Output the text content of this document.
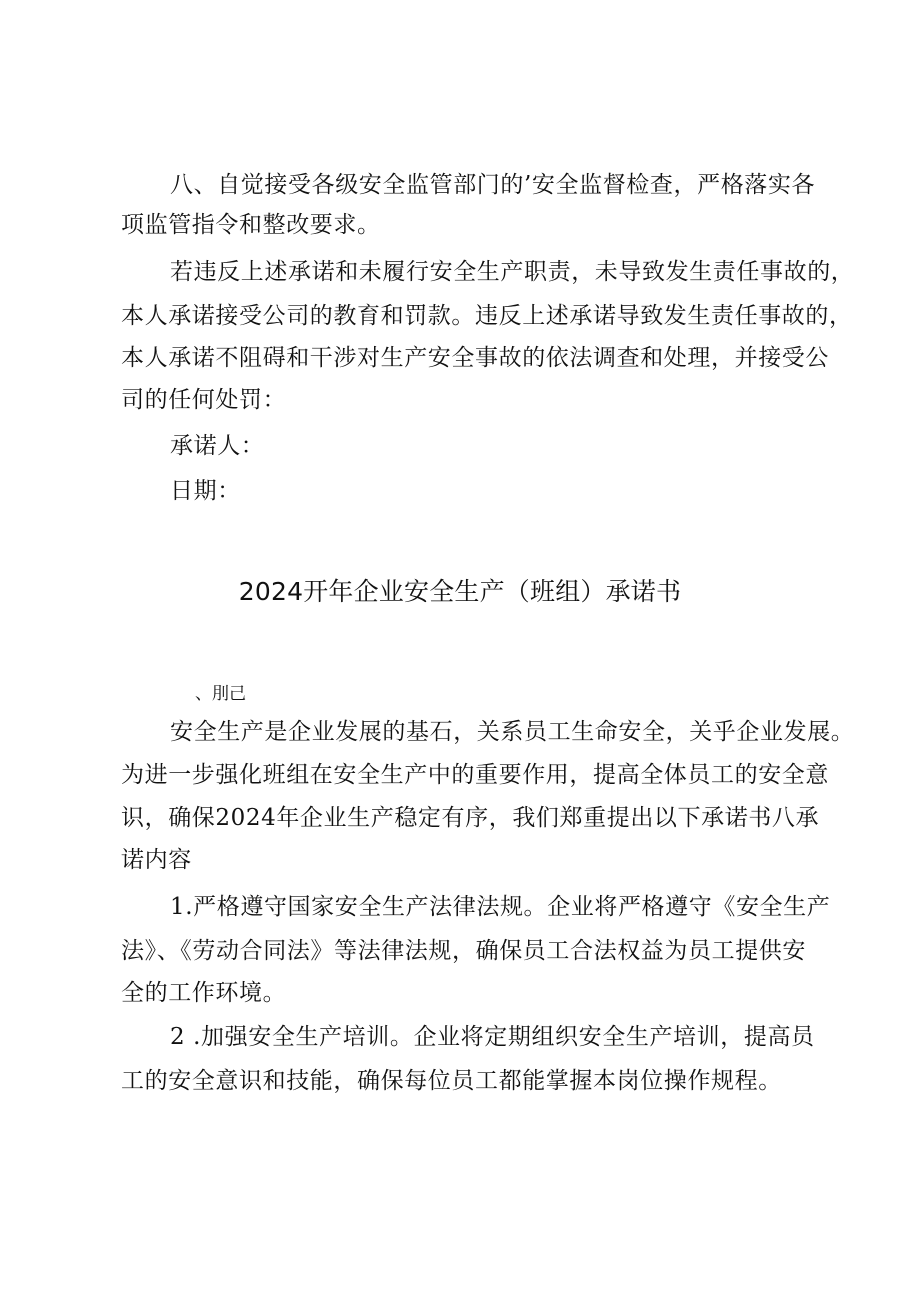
八、自觉接受各级安全监管部门的’安全监督检查，严格落实各

项监管指令和整改要求。

若违反上述承诺和未履行安全生产职责，未导致发生责任事故的，

本人承诺接受公司的教育和罚款。违反上述承诺导致发生责任事故的，

本人承诺不阻碍和干涉对生产安全事故的依法调查和处理，并接受公

司的任何处罚：

承诺人：

日期：

2024开年企业安全生产（班组）承诺书
、刖己

安全生产是企业发展的基石，关系员工生命安全，关乎企业发展。

为进一步强化班组在安全生产中的重要作用，提高全体员工的安全意

识，确保2024年企业生产稳定有序，我们郑重提出以下承诺书八承

诺内容

1.严格遵守国家安全生产法律法规。企业将严格遵守《安全生产

法》、《劳动合同法》等法律法规，确保员工合法权益为员工提供安

全的工作环境。

2 .加强安全生产培训。企业将定期组织安全生产培训，提高员

工的安全意识和技能，确保每位员工都能掌握本岗位操作规程。
